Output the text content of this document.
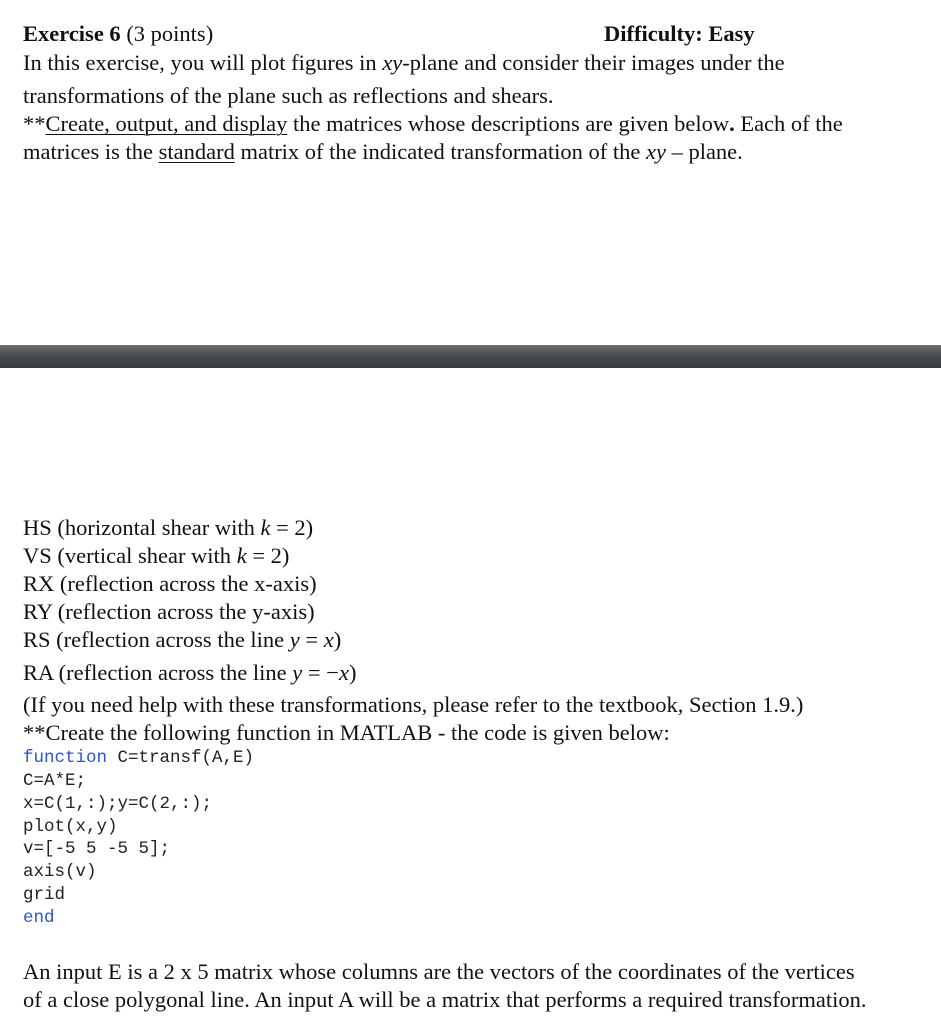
Exercise 6 (3 points)	Difficulty: Easy
In this exercise, you will plot figures in xy-plane and consider their images under the
transformations of the plane such as reflections and shears.
**Create, output, and display the matrices whose descriptions are given below. Each of the
matrices is the standard matrix of the indicated transformation of the xy – plane.
HS (horizontal shear with k = 2)
VS (vertical shear with k = 2)
RX (reflection across the x-axis)
RY (reflection across the y-axis)
RS (reflection across the line y = x)
RA (reflection across the line y = −x)
(If you need help with these transformations, please refer to the textbook, Section 1.9.)
**Create the following function in MATLAB - the code is given below:
function C=transf(A,E)
C=A*E;
x=C(1,:);y=C(2,:);
plot(x,y)
v=[-5 5 -5 5];
axis(v)
grid
end
An input E is a 2 x 5 matrix whose columns are the vectors of the coordinates of the vertices
of a close polygonal line. An input A will be a matrix that performs a required transformation.
